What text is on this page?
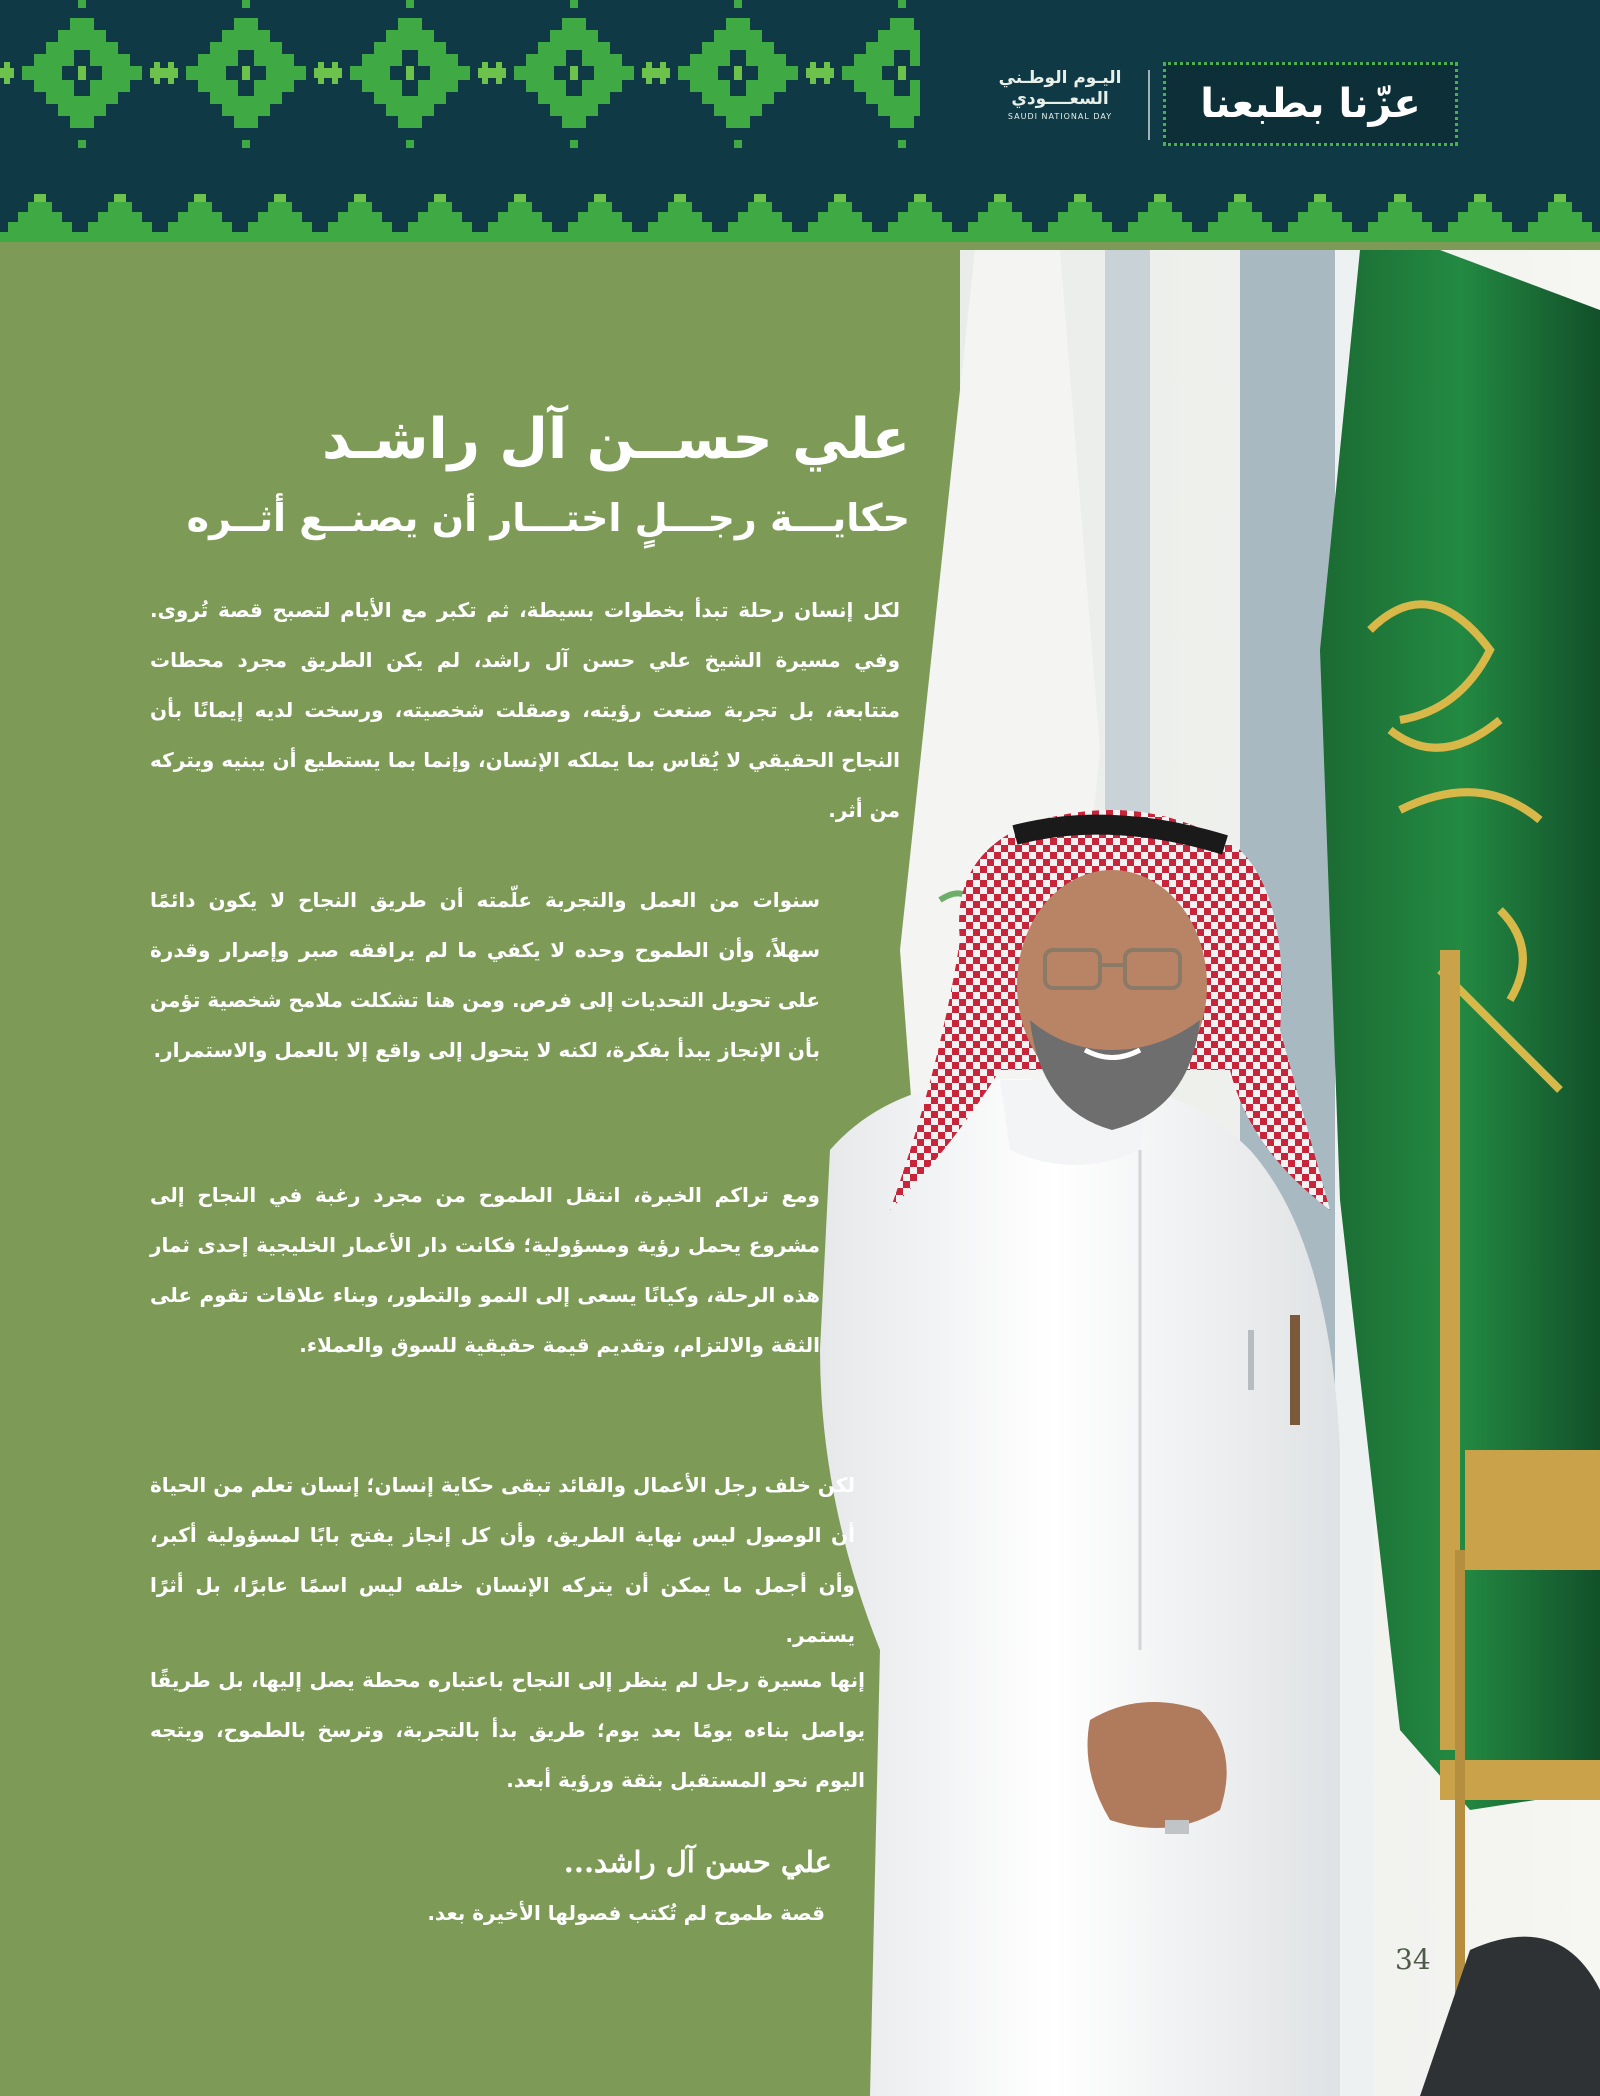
اليـوم الوطـني
السعــــودي
SAUDI NATIONAL DAY	عزّنا بطبعنا
علي حســن آل راشـد
حكايـــة رجـــلٍ اختـــار أن يصنــع أثــره

لكل إنسان رحلة تبدأ بخطوات بسيطة، ثم تكبر مع الأيام لتصبح قصة تُروى. وفي مسيرة الشيخ علي حسن آل راشد، لم يكن الطريق مجرد محطات متتابعة، بل تجربة صنعت رؤيته، وصقلت شخصيته، ورسخت لديه إيمانًا بأن النجاح الحقيقي لا يُقاس بما يملكه الإنسان، وإنما بما يستطيع أن يبنيه ويتركه من أثر.

سنوات من العمل والتجربة علّمته أن طريق النجاح لا يكون دائمًا سهلاً، وأن الطموح وحده لا يكفي ما لم يرافقه صبر وإصرار وقدرة على تحويل التحديات إلى فرص. ومن هنا تشكلت ملامح شخصية تؤمن بأن الإنجاز يبدأ بفكرة، لكنه لا يتحول إلى واقع إلا بالعمل والاستمرار.

ومع تراكم الخبرة، انتقل الطموح من مجرد رغبة في النجاح إلى مشروع يحمل رؤية ومسؤولية؛ فكانت دار الأعمار الخليجية إحدى ثمار هذه الرحلة، وكيانًا يسعى إلى النمو والتطور، وبناء علاقات تقوم على الثقة والالتزام، وتقديم قيمة حقيقية للسوق والعملاء.

لكن خلف رجل الأعمال والقائد تبقى حكاية إنسان؛ إنسان تعلم من الحياة أن الوصول ليس نهاية الطريق، وأن كل إنجاز يفتح بابًا لمسؤولية أكبر، وأن أجمل ما يمكن أن يتركه الإنسان خلفه ليس اسمًا عابرًا، بل أثرًا يستمر.

إنها مسيرة رجل لم ينظر إلى النجاح باعتباره محطة يصل إليها، بل طريقًا يواصل بناءه يومًا بعد يوم؛ طريق بدأ بالتجربة، وترسخ بالطموح، ويتجه اليوم نحو المستقبل بثقة ورؤية أبعد.

علي حسن آل راشد...

قصة طموح لم تُكتب فصولها الأخيرة بعد.

34
